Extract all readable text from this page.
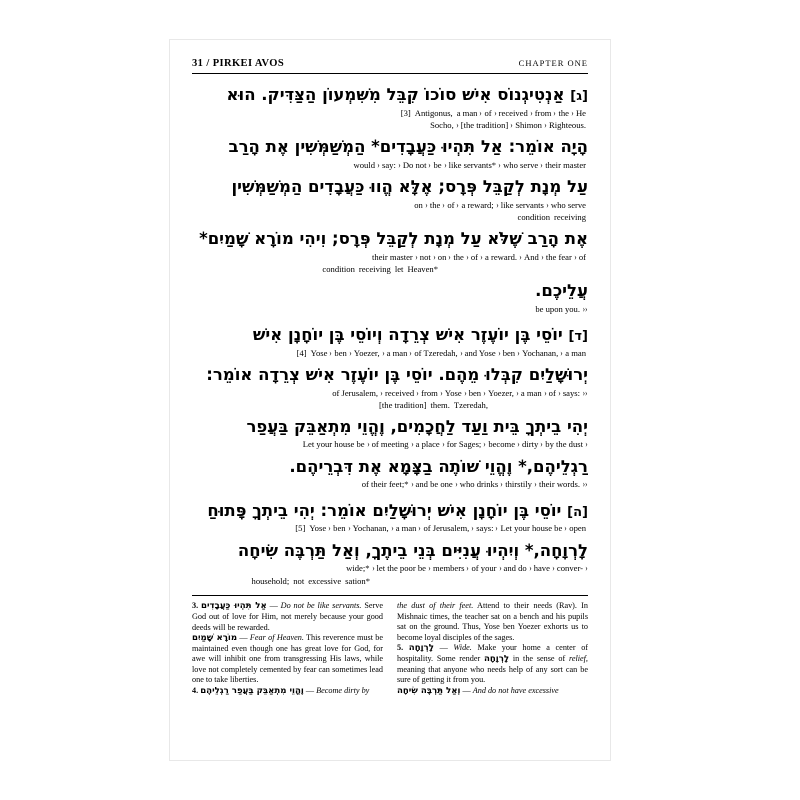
31 / PIRKEI AVOS	CHAPTER ONE
[ג] אַנְטִיגְנוֹס אִישׁ סוֹכוֹ קִבֵּל מִשִּׁמְעוֹן הַצַּדִּיק. הוּא
He‹the‹from‹received‹of‹a manAntigonus,[3]
Righteous.‹Shimon‹[the tradition]‹Socho,
הָיָה אוֹמֵר: אַל תִּהְיוּ כַּעֲבָדִים* הַמְשַׁמְּשִׁין אֶת הָרַב
their master‹who serve‹like servants*‹be‹Do not‹say:‹would
עַל מְנָת לְקַבֵּל פְּרָס; אֶלָּא הֱווּ כַּעֲבָדִים הַמְשַׁמְּשִׁין
who serve‹like servants‹a reward;‹of‹the‹on
receivingcondition
אֶת הָרַב שֶׁלֹּא עַל מְנָת לְקַבֵּל פְּרָס; וִיהִי מוֹרָא שָׁמַיִם*
of‹the fear‹And‹a reward.‹of‹the‹on‹not‹their master
Heaven*letreceivingcondition
עֲלֵיכֶם.
‹‹be upon you.
[ד] יוֹסֵי בֶּן יוֹעֶזֶר אִישׁ צְרֵדָה וְיוֹסֵי בֶּן יוֹחָנָן אִישׁ
a man‹Yochanan,‹ben‹and Yose‹of Tzeredah,‹a man‹Yoezer,‹ben‹Yose[4]
יְרוּשָׁלַיִם קִבְּלוּ מֵהֶם. יוֹסֵי בֶּן יוֹעֶזֶר אִישׁ צְרֵדָה אוֹמֵר:
‹‹says:‹of‹a man‹Yoezer,‹ben‹Yose‹from‹received‹of Jerusalem,
Tzeredah,them.[the tradition]
יְהִי בֵיתְךָ בֵּית וַעַד לַחֲכָמִים, וֶהֱוֵי מִתְאַבֵּק בַּעֲפַר
‹by the dust‹dirty‹become‹for Sages;‹a place‹of meeting‹Let your house be
רַגְלֵיהֶם,* וֶהֱוֵי שׁוֹתֶה בַצָּמָא אֶת דִּבְרֵיהֶם.
‹‹their words.‹thirstily‹who drinks‹and be one‹of their feet;*
[ה] יוֹסֵי בֶּן יוֹחָנָן אִישׁ יְרוּשָׁלַיִם אוֹמֵר: יְהִי בֵיתְךָ פָּתוּחַ
open‹Let your house be‹says:‹of Jerusalem,‹a man‹Yochanan,‹ben‹Yose[5]
לָרְוָחָה,* וְיִהְיוּ עֲנִיִּים בְּנֵי בֵיתֶךָ, וְאַל תַּרְבֶּה שִׂיחָה
‹conver-‹have‹and do‹of your‹members‹let the poor be‹wide;*
sation*excessivenothousehold;

3. אַל תִּהְיוּ כַּעֲבָדִים — Do not be like servants. Serve God out of love for Him, not merely because your good deeds will be rewarded.

מוֹרָא שָׁמַיִם — Fear of Heaven. This reverence must be maintained even though one has great love for God, for awe will inhibit one from transgressing His laws, while love not completely cemented by fear can sometimes lead one to take liberties.

4. וֶהֱוֵי מִתְאַבֵּק בַּעֲפַר רַגְלֵיהֶם — Become dirty by

the dust of their feet. Attend to their needs (Rav). In Mishnaic times, the teacher sat on a bench and his pupils sat on the ground. Thus, Yose ben Yoezer exhorts us to become loyal disciples of the sages.

5. לָרְוָחָה — Wide. Make your home a center of hospitality. Some render לָרְוָחָה in the sense of relief, meaning that anyone who needs help of any sort can be sure of getting it from you.

וְאַל תַּרְבֶּה שִׂיחָה — And do not have excessive
